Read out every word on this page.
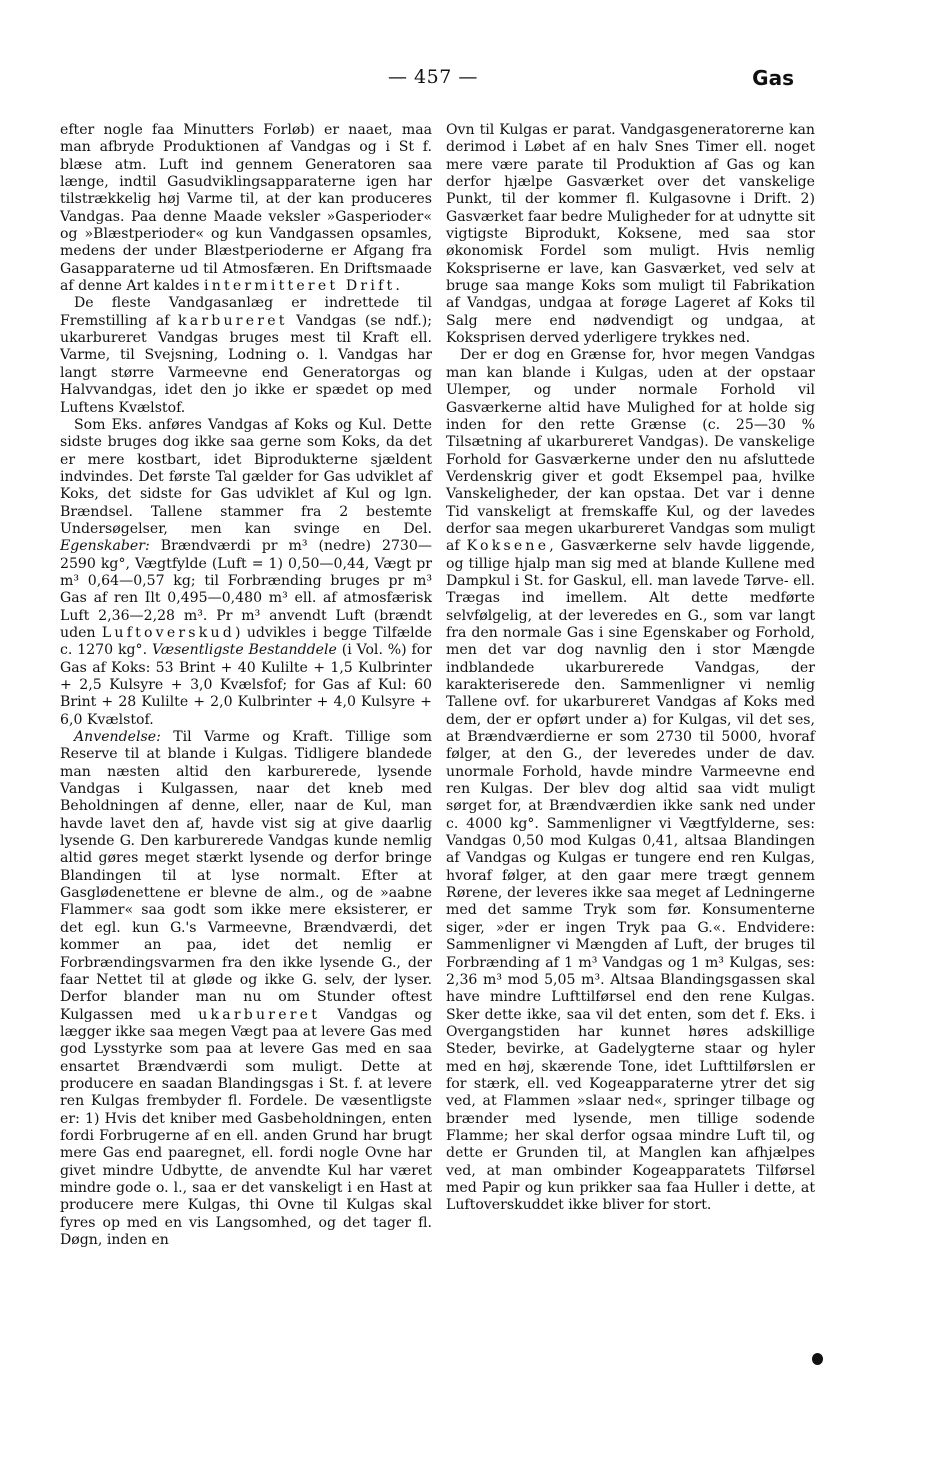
— 457 —	Gas

efter nogle faa Minutters Forløb) er naaet, maa man afbryde Produktionen af Vandgas og i St f. blæse atm. Luft ind gennem Generatoren saa længe, indtil Gasudviklingsapparaterne igen har tilstrækkelig høj Varme til, at der kan produceres Vandgas. Paa denne Maade veksler »Gasperioder« og »Blæstperioder« og kun Vandgassen opsamles, medens der under Blæstperioderne er Afgang fra Gasapparaterne ud til Atmosfæren. En Driftsmaade af denne Art kaldes intermitteret Drift.

De fleste Vandgasanlæg er indrettede til Fremstilling af karbureret Vandgas (se ndf.); ukarbureret Vandgas bruges mest til Kraft ell. Varme, til Svejsning, Lodning o. l. Vandgas har langt større Varmeevne end Generatorgas og Halvvandgas, idet den jo ikke er spædet op med Luftens Kvælstof.

Som Eks. anføres Vandgas af Koks og Kul. Dette sidste bruges dog ikke saa gerne som Koks, da det er mere kostbart, idet Biprodukterne sjældent indvindes. Det første Tal gælder for Gas udviklet af Koks, det sidste for Gas udviklet af Kul og lgn. Brændsel. Tallene stammer fra 2 bestemte Undersøgelser, men kan svinge en Del. Egenskaber: Brændværdi pr m³ (nedre) 2730—2590 kg°, Vægtfylde (Luft = 1) 0,50—0,44, Vægt pr m³ 0,64—0,57 kg; til Forbrænding bruges pr m³ Gas af ren Ilt 0,495—0,480 m³ ell. af atmosfærisk Luft 2,36—2,28 m³. Pr m³ anvendt Luft (brændt uden Luftoverskud) udvikles i begge Tilfælde c. 1270 kg°. Væsentligste Bestanddele (i Vol. %) for Gas af Koks: 53 Brint + 40 Kulilte + 1,5 Kulbrinter + 2,5 Kulsyre + 3,0 Kvælsfof; for Gas af Kul: 60 Brint + 28 Kulilte + 2,0 Kulbrinter + 4,0 Kulsyre + 6,0 Kvælstof.

Anvendelse: Til Varme og Kraft. Tillige som Reserve til at blande i Kulgas. Tidligere blandede man næsten altid den karburerede, lysende Vandgas i Kulgassen, naar det kneb med Beholdningen af denne, eller, naar de Kul, man havde lavet den af, havde vist sig at give daarlig lysende G. Den karburerede Vandgas kunde nemlig altid gøres meget stærkt lysende og derfor bringe Blandingen til at lyse normalt. Efter at Gasglødenettene er blevne de alm., og de »aabne Flammer« saa godt som ikke mere eksisterer, er det egl. kun G.'s Varmeevne, Brændværdi, det kommer an paa, idet det nemlig er Forbrændingsvarmen fra den ikke lysende G., der faar Nettet til at gløde og ikke G. selv, der lyser. Derfor blander man nu om Stunder oftest Kulgassen med ukarbureret Vandgas og lægger ikke saa megen Vægt paa at levere Gas med god Lysstyrke som paa at levere Gas med en saa ensartet Brændværdi som muligt. Dette at producere en saadan Blandingsgas i St. f. at levere ren Kulgas frembyder fl. Fordele. De væsentligste er: 1) Hvis det kniber med Gasbeholdningen, enten fordi Forbrugerne af en ell. anden Grund har brugt mere Gas end paaregnet, ell. fordi nogle Ovne har givet mindre Udbytte, de anvendte Kul har været mindre gode o. l., saa er det vanskeligt i en Hast at producere mere Kulgas, thi Ovne til Kulgas skal fyres op med en vis Langsomhed, og det tager fl. Døgn, inden en

Ovn til Kulgas er parat. Vandgasgeneratorerne kan derimod i Løbet af en halv Snes Timer ell. noget mere være parate til Produktion af Gas og kan derfor hjælpe Gasværket over det vanskelige Punkt, til der kommer fl. Kulgasovne i Drift. 2) Gasværket faar bedre Muligheder for at udnytte sit vigtigste Biprodukt, Koksene, med saa stor økonomisk Fordel som muligt. Hvis nemlig Kokspriserne er lave, kan Gasværket, ved selv at bruge saa mange Koks som muligt til Fabrikation af Vandgas, undgaa at forøge Lageret af Koks til Salg mere end nødvendigt og undgaa, at Koksprisen derved yderligere trykkes ned.

Der er dog en Grænse for, hvor megen Vandgas man kan blande i Kulgas, uden at der opstaar Ulemper, og under normale Forhold vil Gasværkerne altid have Mulighed for at holde sig inden for den rette Grænse (c. 25—30 % Tilsætning af ukarbureret Vandgas). De vanskelige Forhold for Gasværkerne under den nu afsluttede Verdenskrig giver et godt Eksempel paa, hvilke Vanskeligheder, der kan opstaa. Det var i denne Tid vanskeligt at fremskaffe Kul, og der lavedes derfor saa megen ukarbureret Vandgas som muligt af Koksene, Gasværkerne selv havde liggende, og tillige hjalp man sig med at blande Kullene med Dampkul i St. for Gaskul, ell. man lavede Tørve- ell. Trægas ind imellem. Alt dette medførte selvfølgelig, at der leveredes en G., som var langt fra den normale Gas i sine Egenskaber og Forhold, men det var dog navnlig den i stor Mængde indblandede ukarburerede Vandgas, der karakteriserede den. Sammenligner vi nemlig Tallene ovf. for ukarbureret Vandgas af Koks med dem, der er opført under a) for Kulgas, vil det ses, at Brændværdierne er som 2730 til 5000, hvoraf følger, at den G., der leveredes under de dav. unormale Forhold, havde mindre Varmeevne end ren Kulgas. Der blev dog altid saa vidt muligt sørget for, at Brændværdien ikke sank ned under c. 4000 kg°. Sammenligner vi Vægtfylderne, ses: Vandgas 0,50 mod Kulgas 0,41, altsaa Blandingen af Vandgas og Kulgas er tungere end ren Kulgas, hvoraf følger, at den gaar mere trægt gennem Rørene, der leveres ikke saa meget af Ledningerne med det samme Tryk som før. Konsumenterne siger, »der er ingen Tryk paa G.«. Endvidere: Sammenligner vi Mængden af Luft, der bruges til Forbrænding af 1 m³ Vandgas og 1 m³ Kulgas, ses: 2,36 m³ mod 5,05 m³. Altsaa Blandingsgassen skal have mindre Lufttilførsel end den rene Kulgas. Sker dette ikke, saa vil det enten, som det f. Eks. i Overgangstiden har kunnet høres adskillige Steder, bevirke, at Gadelygterne staar og hyler med en høj, skærende Tone, idet Lufttilførslen er for stærk, ell. ved Kogeapparaterne ytrer det sig ved, at Flammen »slaar ned«, springer tilbage og brænder med lysende, men tillige sodende Flamme; her skal derfor ogsaa mindre Luft til, og dette er Grunden til, at Manglen kan afhjælpes ved, at man ombinder Kogeapparatets Tilførsel med Papir og kun prikker saa faa Huller i dette, at Luftoverskuddet ikke bliver for stort.
